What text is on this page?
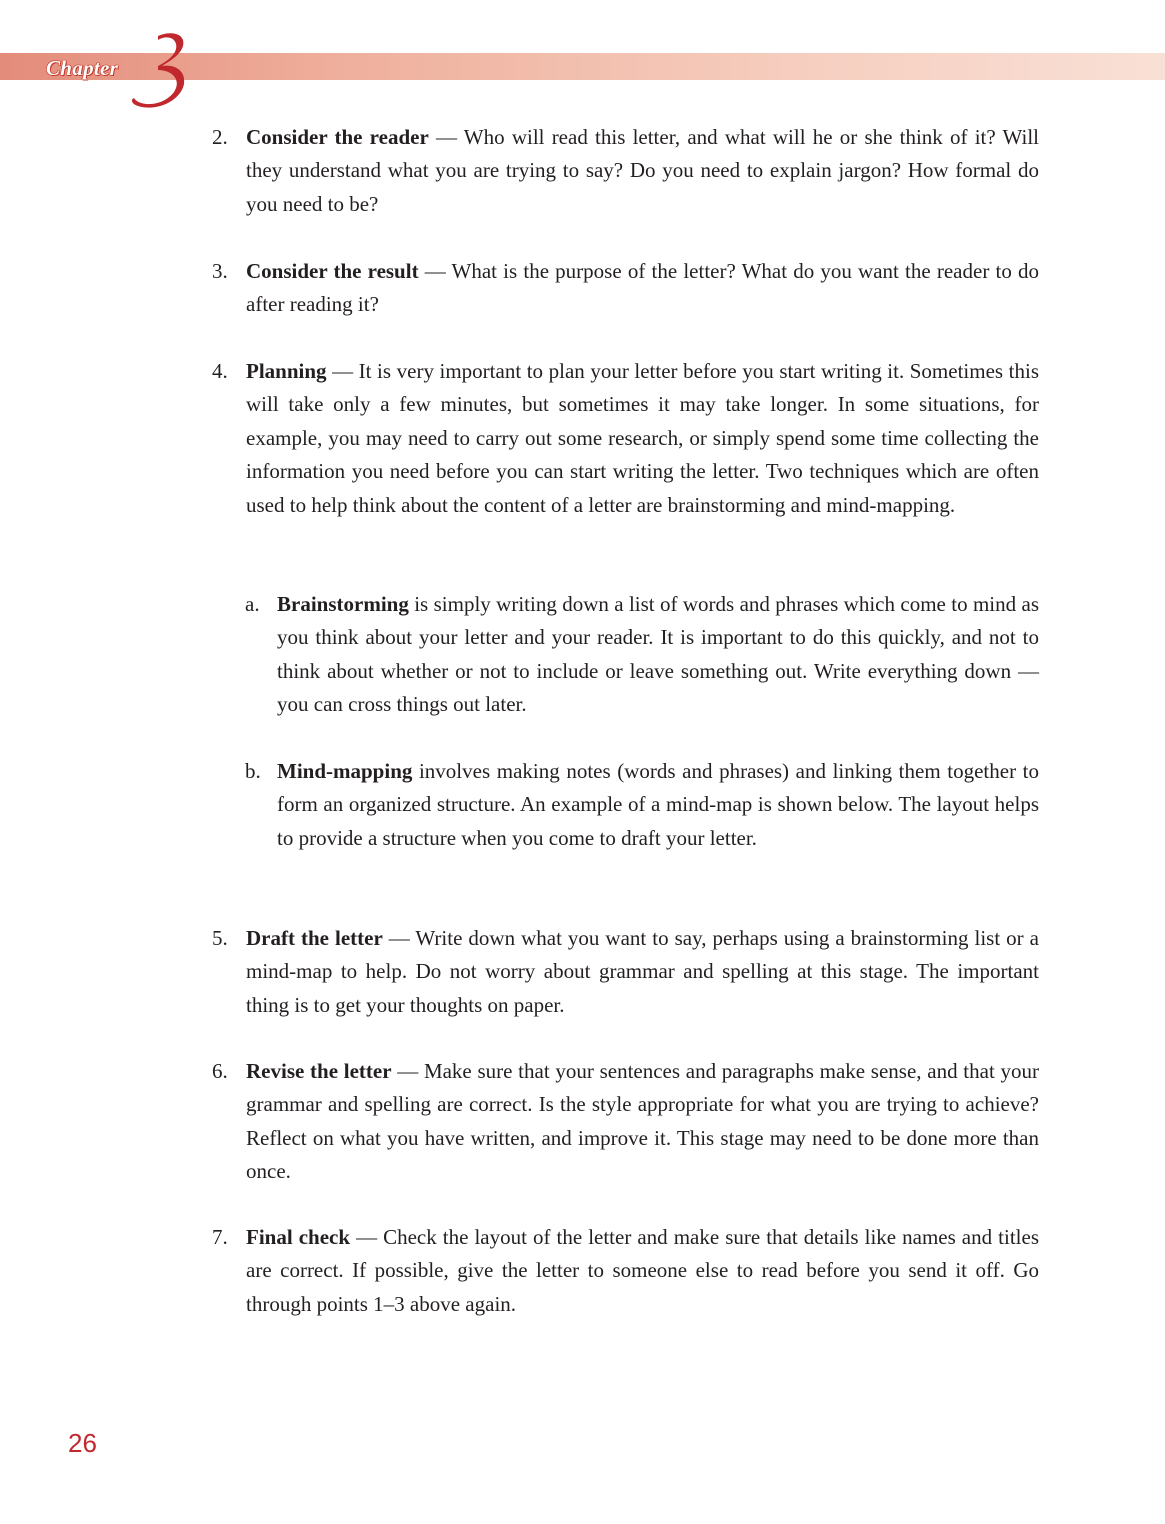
Chapter
2. Consider the reader — Who will read this letter, and what will he or she think of it? Will they understand what you are trying to say? Do you need to explain jargon? How formal do you need to be?
3. Consider the result — What is the purpose of the letter? What do you want the reader to do after reading it?
4. Planning — It is very important to plan your letter before you start writing it. Sometimes this will take only a few minutes, but sometimes it may take longer. In some situations, for example, you may need to carry out some research, or simply spend some time collecting the information you need before you can start writing the letter. Two techniques which are often used to help think about the content of a letter are brainstorming and mind-mapping.
a. Brainstorming is simply writing down a list of words and phrases which come to mind as you think about your letter and your reader. It is important to do this quickly, and not to think about whether or not to include or leave something out. Write everything down — you can cross things out later.
b. Mind-mapping involves making notes (words and phrases) and linking them together to form an organized structure. An example of a mind-map is shown below. The layout helps to provide a structure when you come to draft your letter.
5. Draft the letter — Write down what you want to say, perhaps using a brainstorming list or a mind-map to help. Do not worry about grammar and spelling at this stage. The important thing is to get your thoughts on paper.
6. Revise the letter — Make sure that your sentences and paragraphs make sense, and that your grammar and spelling are correct. Is the style appropriate for what you are trying to achieve? Reflect on what you have written, and improve it. This stage may need to be done more than once.
7. Final check — Check the layout of the letter and make sure that details like names and titles are correct. If possible, give the letter to someone else to read before you send it off. Go through points 1–3 above again.
26
